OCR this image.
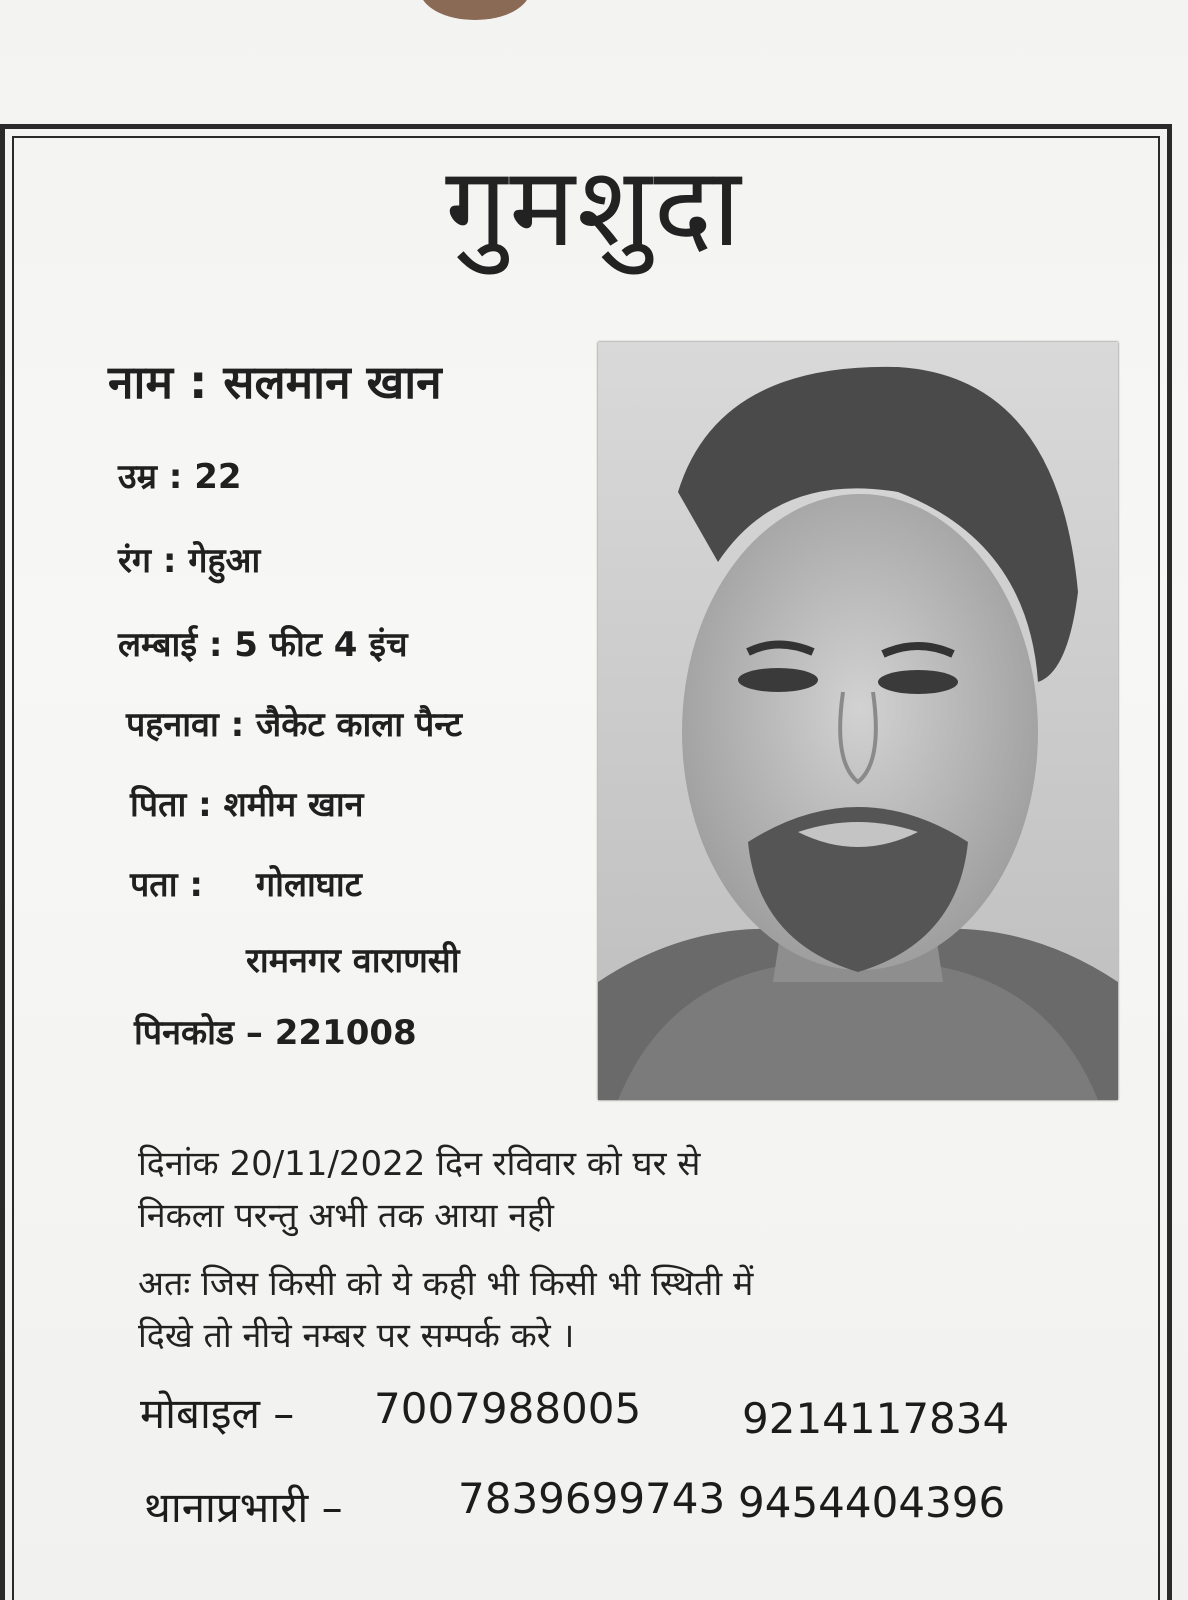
गुमशुदा
नाम : सलमान खान
उम्र : 22
रंग : गेहुआ
लम्बाई : 5 फीट 4 इंच
पहनावा : जैकेट काला पैन्ट
पिता : शमीम खान
पता : गोलाघाट
रामनगर वाराणसी
पिनकोड – 221008
दिनांक 20/11/2022 दिन रविवार को घर से
निकला परन्तु अभी तक आया नही
अतः जिस किसी को ये कही भी किसी भी स्थिती में
दिखे तो नीचे नम्बर पर सम्पर्क करे ।
मोबाइल – 7007988005 9214117834
थानाप्रभारी –	7839699743 9454404396
